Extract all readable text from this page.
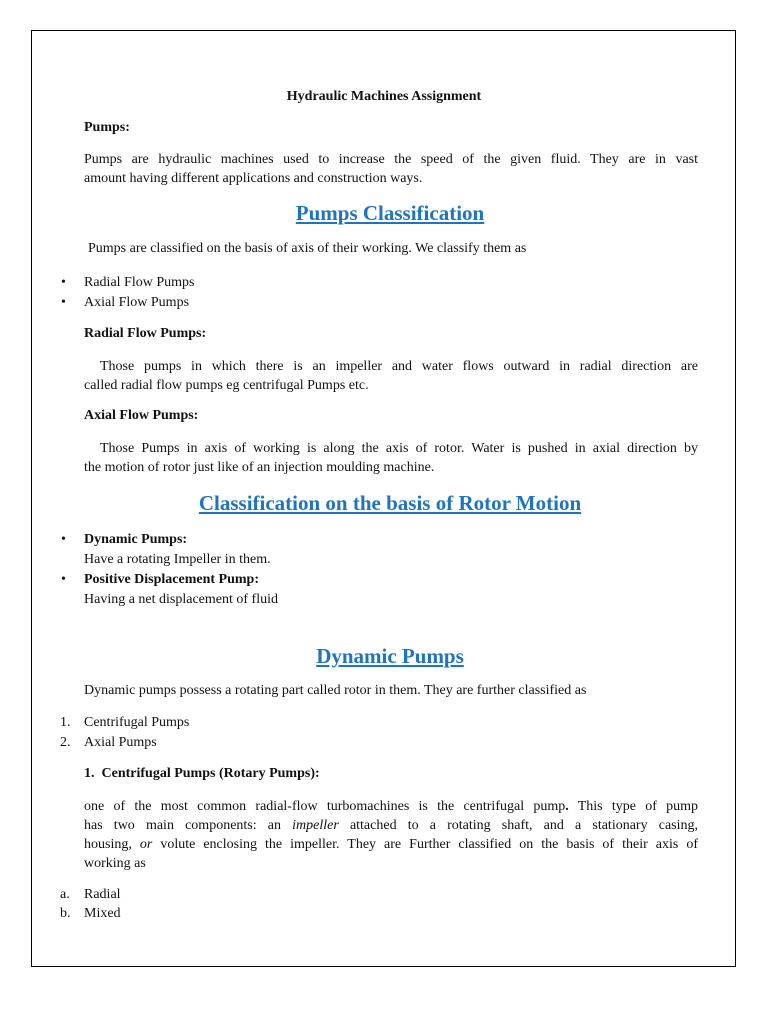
Hydraulic Machines Assignment
Pumps:
Pumps are hydraulic machines used to increase the speed of the given fluid. They are in vast
amount having different applications and construction ways.
Pumps Classification
Pumps are classified on the basis of axis of their working. We classify them as
• Radial Flow Pumps
• Axial Flow Pumps
Radial Flow Pumps:
Those pumps in which there is an impeller and water flows outward in radial direction are
called radial flow pumps eg centrifugal Pumps etc.
Axial Flow Pumps:
Those Pumps in axis of working is along the axis of rotor. Water is pushed in axial direction by
the motion of rotor just like of an injection moulding machine.
Classification on the basis of Rotor Motion
• Dynamic Pumps:
Have a rotating Impeller in them.
• Positive Displacement Pump:
Having a net displacement of fluid
Dynamic Pumps
Dynamic pumps possess a rotating part called rotor in them. They are further classified as
1. Centrifugal Pumps
2. Axial Pumps
1.  Centrifugal Pumps (Rotary Pumps):
one of the most common radial-flow turbomachines is the centrifugal pump. This type of pump
has two main components: an impeller attached to a rotating shaft, and a stationary casing,
housing, or volute enclosing the impeller. They are Further classified on the basis of their axis of
working as
a. Radial
b. Mixed
